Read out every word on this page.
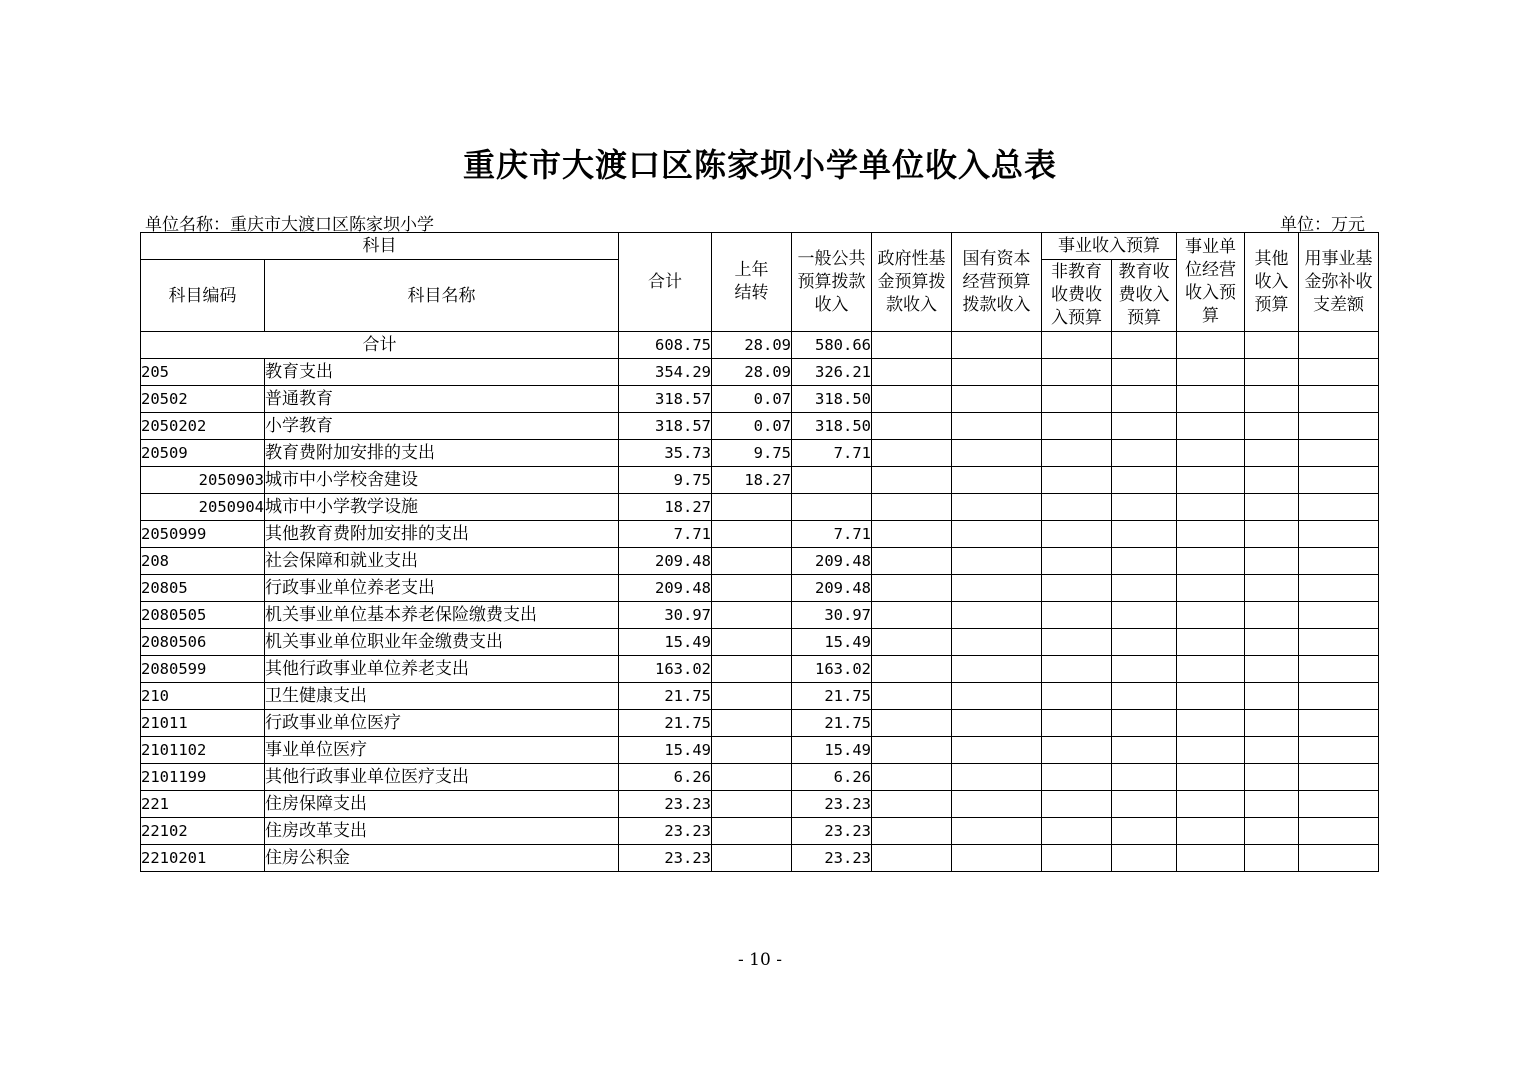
重庆市大渡口区陈家坝小学单位收入总表
单位名称：重庆市大渡口区陈家坝小学	单位：万元
科目		合计	上年结转	一般公共预算拨款收入	政府性基金预算拨款收入	国有资本经营预算拨款收入	事业收入预算		事业单位经营收入预算	其他收入预算	用事业基金弥补收支差额
科目编码	科目名称						非教育收费收入预算	教育收费收入预算			
合计		608.75	28.09	580.66							
205	教育支出	354.29	28.09	326.21							
20502	普通教育	318.57	0.07	318.50							
2050202	小学教育	318.57	0.07	318.50							
20509	教育费附加安排的支出	35.73	9.75	7.71							
2050903	城市中小学校舍建设	9.75	18.27								
2050904	城市中小学教学设施	18.27									
2050999	其他教育费附加安排的支出	7.71		7.71							
208	社会保障和就业支出	209.48		209.48							
20805	行政事业单位养老支出	209.48		209.48							
2080505	机关事业单位基本养老保险缴费支出	30.97		30.97							
2080506	机关事业单位职业年金缴费支出	15.49		15.49							
2080599	其他行政事业单位养老支出	163.02		163.02							
210	卫生健康支出	21.75		21.75							
21011	行政事业单位医疗	21.75		21.75							
2101102	事业单位医疗	15.49		15.49							
2101199	其他行政事业单位医疗支出	6.26		6.26							
221	住房保障支出	23.23		23.23							
22102	住房改革支出	23.23		23.23							
2210201	住房公积金	23.23		23.23							
- 10 -
